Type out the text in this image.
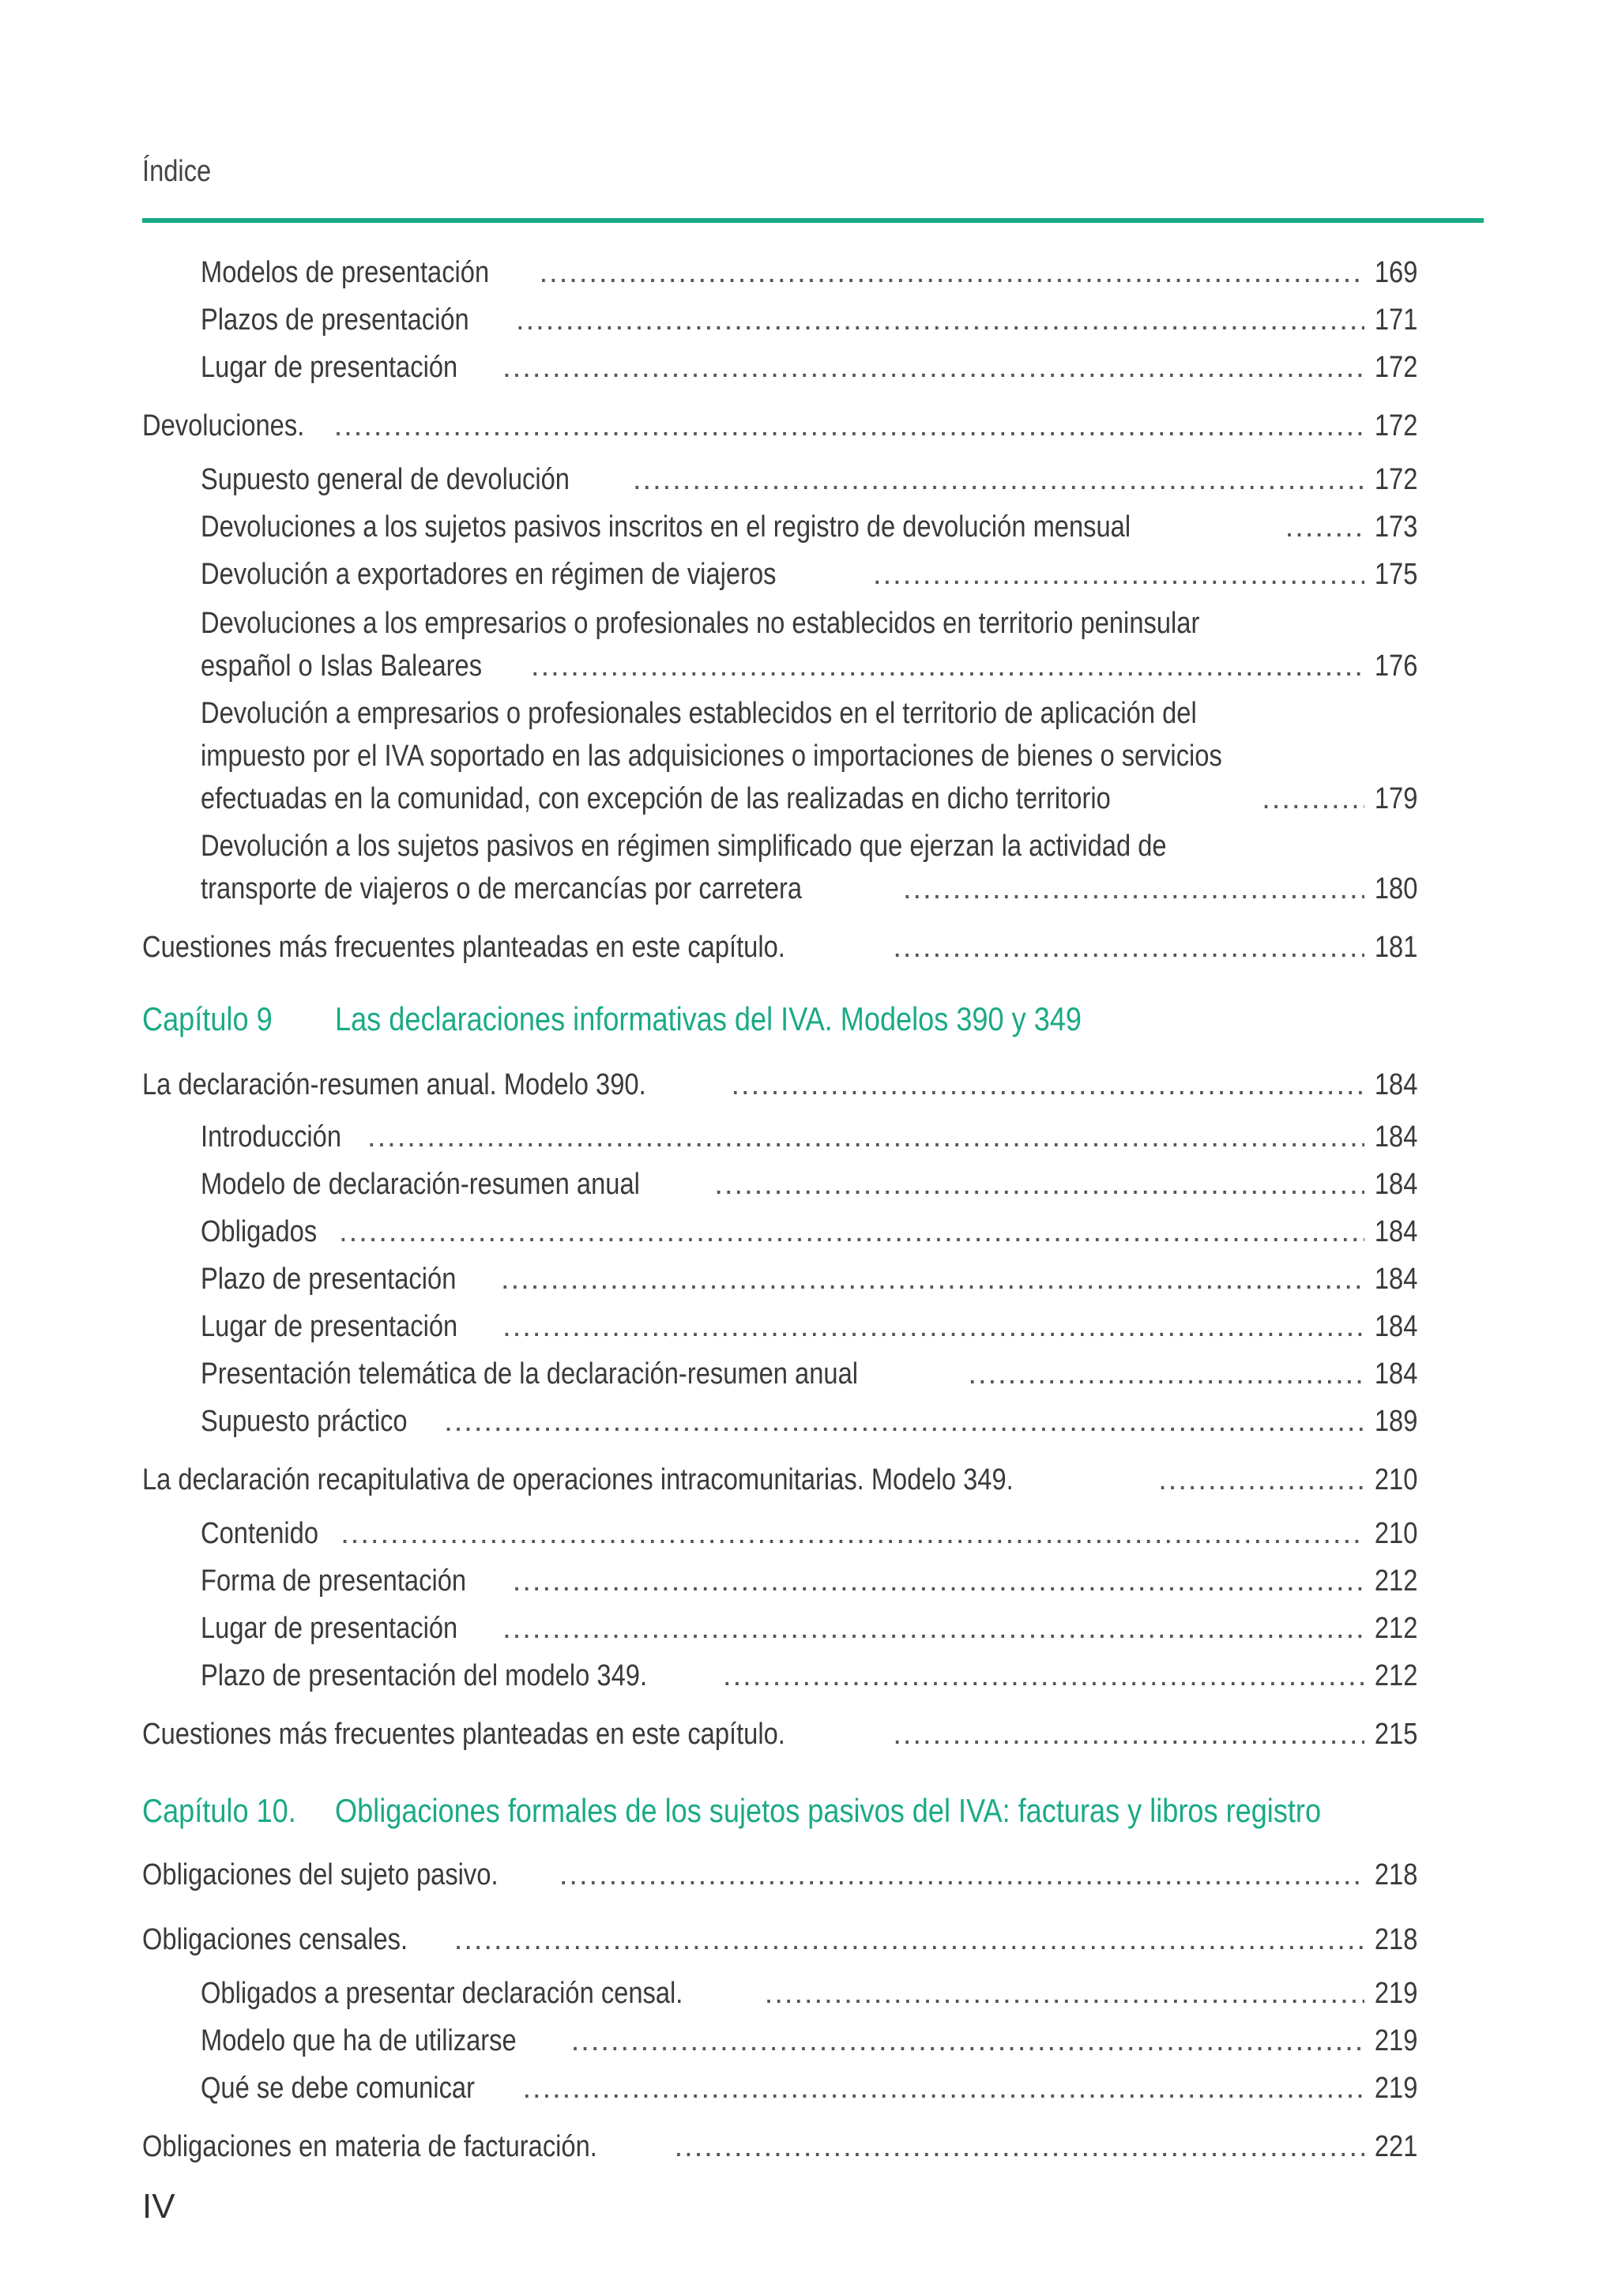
Índice
Modelos de presentación .....	169
Plazos de presentación .....	171
Lugar de presentación .....	172
Devoluciones. .....	172
Supuesto general de devolución .....	172
Devoluciones a los sujetos pasivos inscritos en el registro de devolución mensual .....	173
Devolución a exportadores en régimen de viajeros .....	175
Devoluciones a los empresarios o profesionales no establecidos en territorio peninsular
español o Islas Baleares .....	176
Devolución a empresarios o profesionales establecidos en el territorio de aplicación del
impuesto por el IVA soportado en las adquisiciones o importaciones de bienes o servicios
efectuadas en la comunidad, con excepción de las realizadas en dicho territorio .....	179
Devolución a los sujetos pasivos en régimen simplificado que ejerzan la actividad de
transporte de viajeros o de mercancías por carretera .....	180
Cuestiones más frecuentes planteadas en este capítulo. .....	181
Capítulo 9	Las declaraciones informativas del IVA. Modelos 390 y 349
La declaración-resumen anual. Modelo 390. .....	184
Introducción .....	184
Modelo de declaración-resumen anual .....	184
Obligados .....	184
Plazo de presentación .....	184
Lugar de presentación .....	184
Presentación telemática de la declaración-resumen anual .....	184
Supuesto práctico .....	189
La declaración recapitulativa de operaciones intracomunitarias. Modelo 349. .....	210
Contenido .....	210
Forma de presentación .....	212
Lugar de presentación .....	212
Plazo de presentación del modelo 349. .....	212
Cuestiones más frecuentes planteadas en este capítulo. .....	215
Capítulo 10.	Obligaciones formales de los sujetos pasivos del IVA: facturas y libros registro
Obligaciones del sujeto pasivo. .....	218
Obligaciones censales. .....	218
Obligados a presentar declaración censal. .....	219
Modelo que ha de utilizarse .....	219
Qué se debe comunicar .....	219
Obligaciones en materia de facturación. .....	221
IV
